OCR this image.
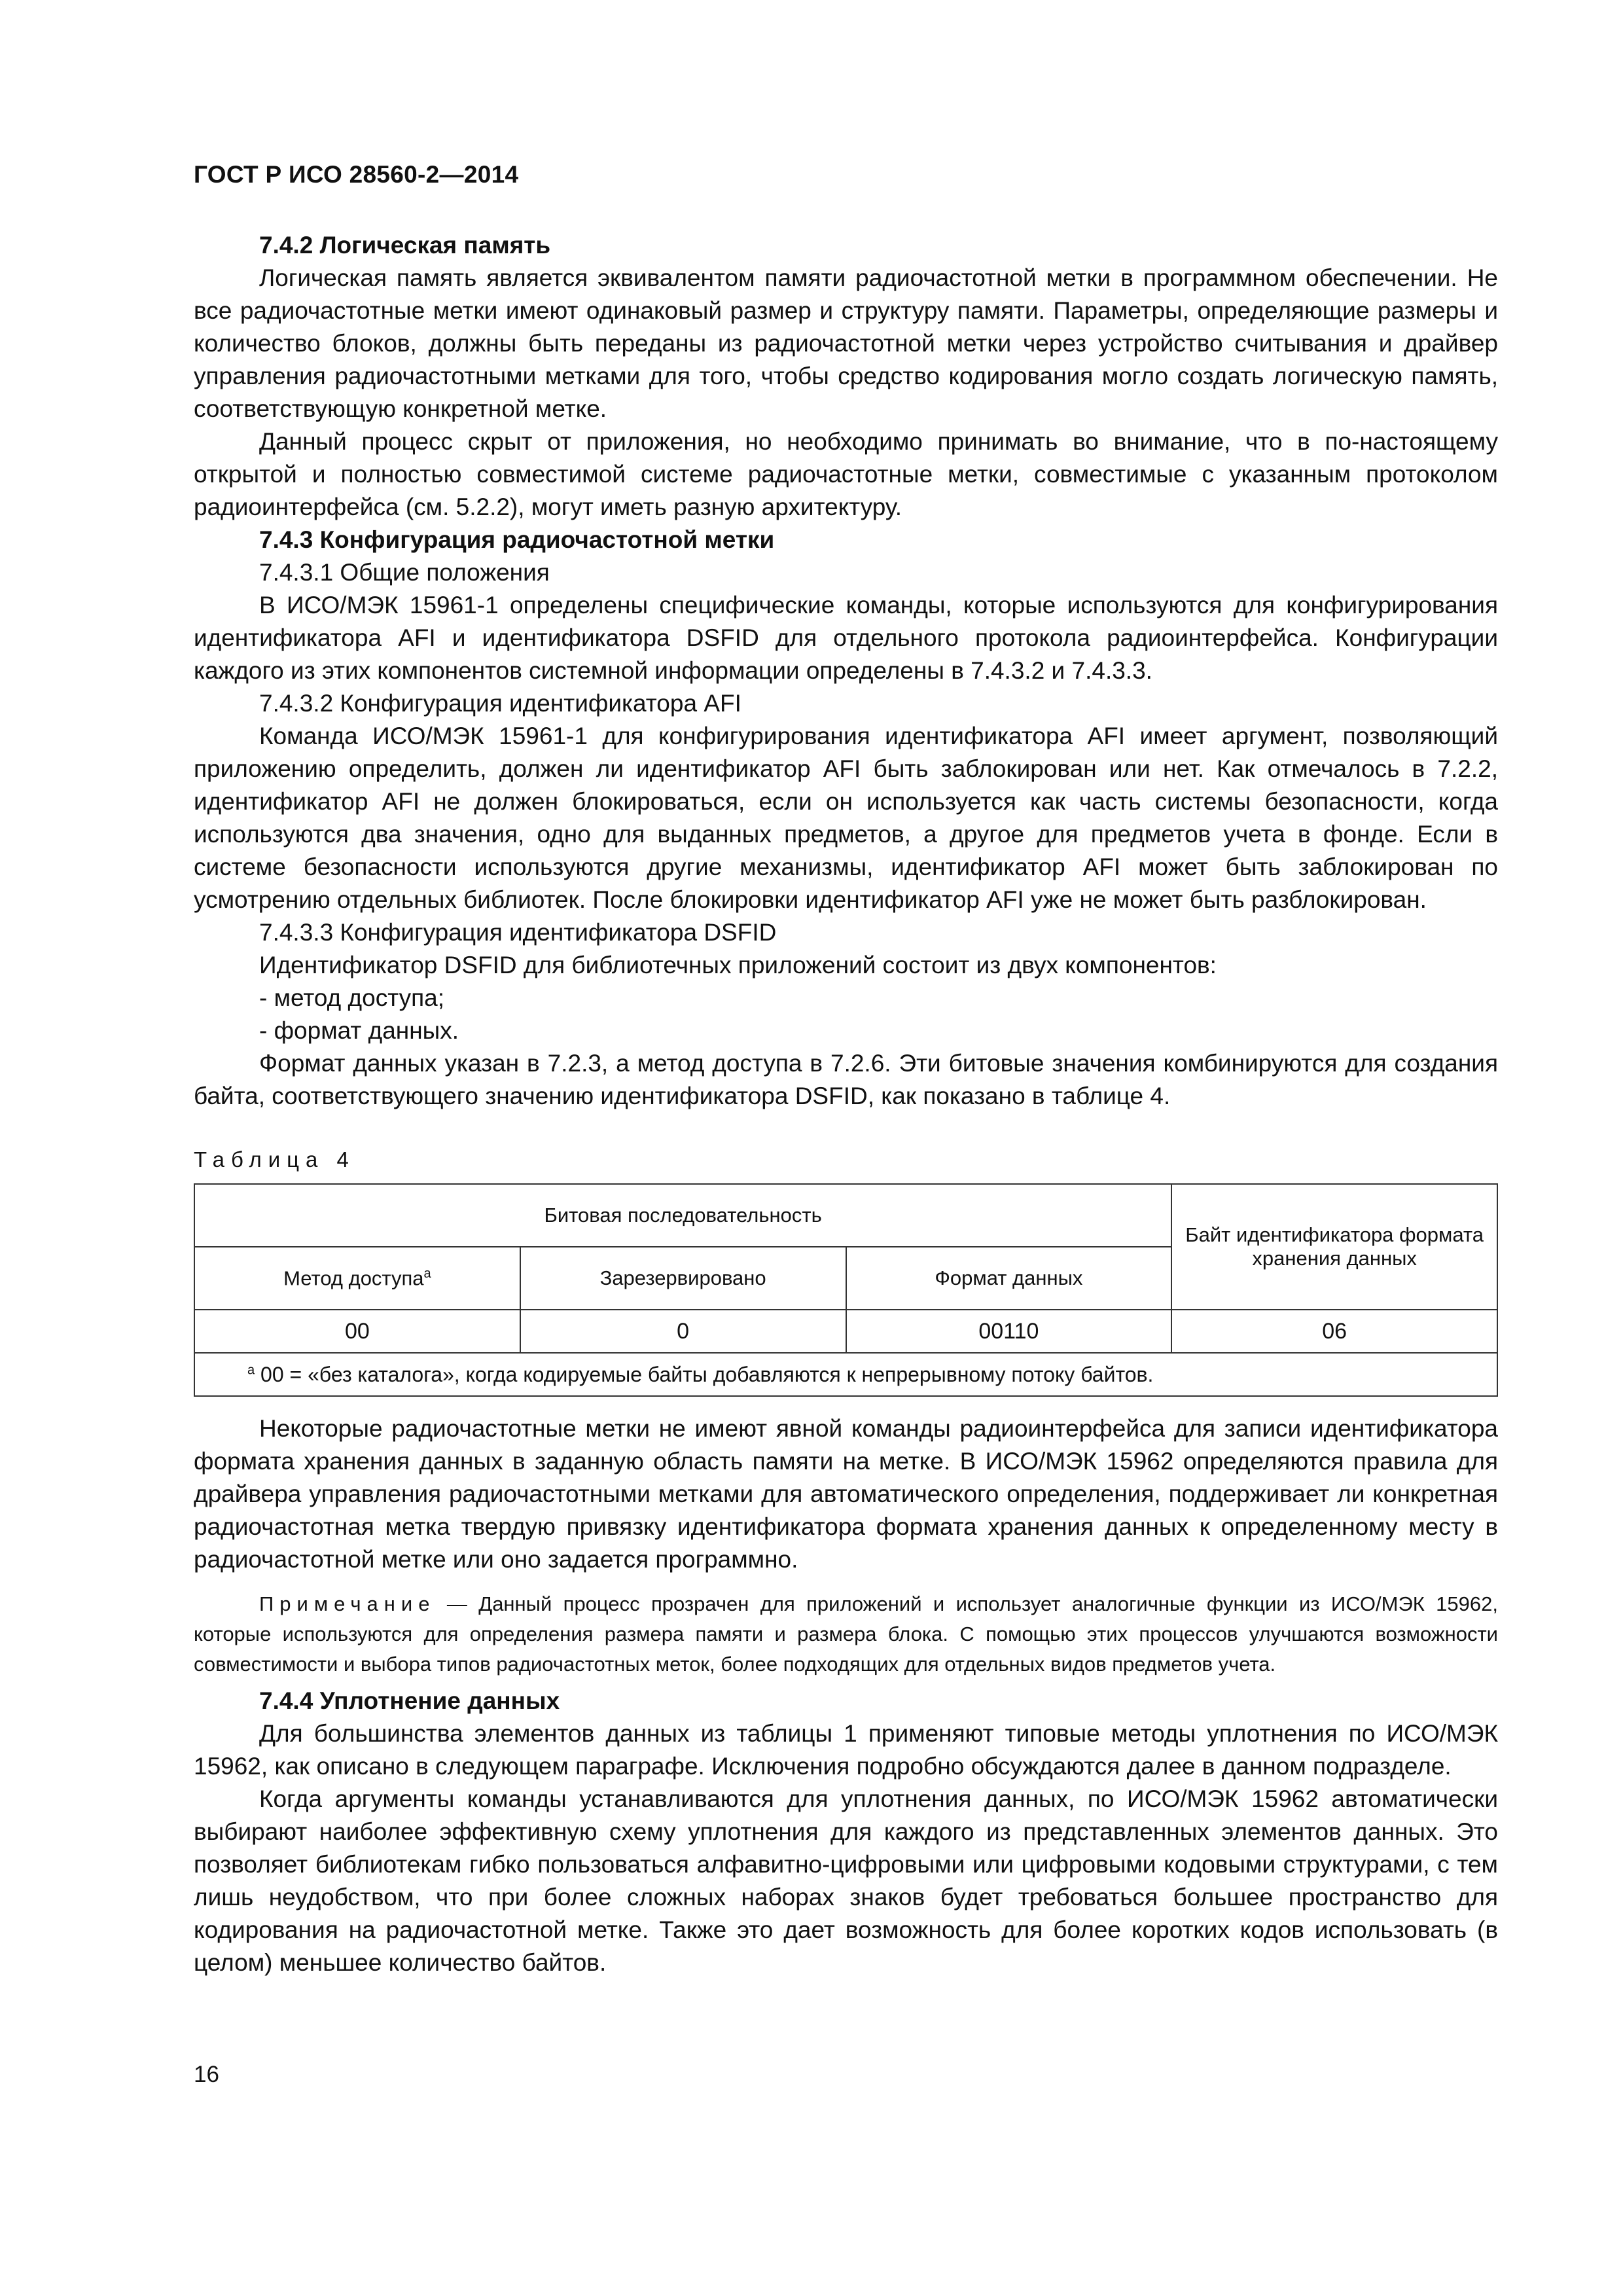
ГОСТ Р ИСО 28560-2—2014
7.4.2 Логическая память

Логическая память является эквивалентом памяти радиочастотной метки в программном обеспечении. Не все радиочастотные метки имеют одинаковый размер и структуру памяти. Параметры, определяющие размеры и количество блоков, должны быть переданы из радиочастотной метки через устройство считывания и драйвер управления радиочастотными метками для того, чтобы средство кодирования могло создать логическую память, соответствующую конкретной метке.

Данный процесс скрыт от приложения, но необходимо принимать во внимание, что в по-настоящему открытой и полностью совместимой системе радиочастотные метки, совместимые с указанным протоколом радиоинтерфейса (см. 5.2.2), могут иметь разную архитектуру.

7.4.3 Конфигурация радиочастотной метки

7.4.3.1 Общие положения

В ИСО/МЭК 15961-1 определены специфические команды, которые используются для конфигурирования идентификатора AFI и идентификатора DSFID для отдельного протокола радиоинтерфейса. Конфигурации каждого из этих компонентов системной информации определены в 7.4.3.2 и 7.4.3.3.

7.4.3.2 Конфигурация идентификатора AFI

Команда ИСО/МЭК 15961-1 для конфигурирования идентификатора AFI имеет аргумент, позволяющий приложению определить, должен ли идентификатор AFI быть заблокирован или нет. Как отмечалось в 7.2.2, идентификатор AFI не должен блокироваться, если он используется как часть системы безопасности, когда используются два значения, одно для выданных предметов, а другое для предметов учета в фонде. Если в системе безопасности используются другие механизмы, идентификатор AFI может быть заблокирован по усмотрению отдельных библиотек. После блокировки идентификатор AFI уже не может быть разблокирован.

7.4.3.3 Конфигурация идентификатора DSFID

Идентификатор DSFID для библиотечных приложений состоит из двух компонентов:

- метод доступа;

- формат данных.

Формат данных указан в 7.2.3, а метод доступа в 7.2.6. Эти битовые значения комбинируются для создания байта, соответствующего значению идентификатора DSFID, как показано в таблице 4.

Таблица 4

Битовая последовательность			Байт идентификатора формата хранения данных
Метод доступа$^а$	Зарезервировано	Формат данных	
00	0	00110	06
$^а$ 00 = «без каталога», когда кодируемые байты добавляются к непрерывному потоку байтов.			

Некоторые радиочастотные метки не имеют явной команды радиоинтерфейса для записи идентификатора формата хранения данных в заданную область памяти на метке. В ИСО/МЭК 15962 определяются правила для драйвера управления радиочастотными метками для автоматического определения, поддерживает ли конкретная радиочастотная метка твердую привязку идентификатора формата хранения данных к определенному месту в радиочастотной метке или оно задается программно.

Примечание — Данный процесс прозрачен для приложений и использует аналогичные функции из ИСО/МЭК 15962, которые используются для определения размера памяти и размера блока. С помощью этих процессов улучшаются возможности совместимости и выбора типов радиочастотных меток, более подходящих для отдельных видов предметов учета.

7.4.4 Уплотнение данных

Для большинства элементов данных из таблицы 1 применяют типовые методы уплотнения по ИСО/МЭК 15962, как описано в следующем параграфе. Исключения подробно обсуждаются далее в данном подразделе.

Когда аргументы команды устанавливаются для уплотнения данных, по ИСО/МЭК 15962 автоматически выбирают наиболее эффективную схему уплотнения для каждого из представленных элементов данных. Это позволяет библиотекам гибко пользоваться алфавитно-цифровыми или цифровыми кодовыми структурами, с тем лишь неудобством, что при более сложных наборах знаков будет требоваться большее пространство для кодирования на радиочастотной метке. Также это дает возможность для более коротких кодов использовать (в целом) меньшее количество байтов.

16
